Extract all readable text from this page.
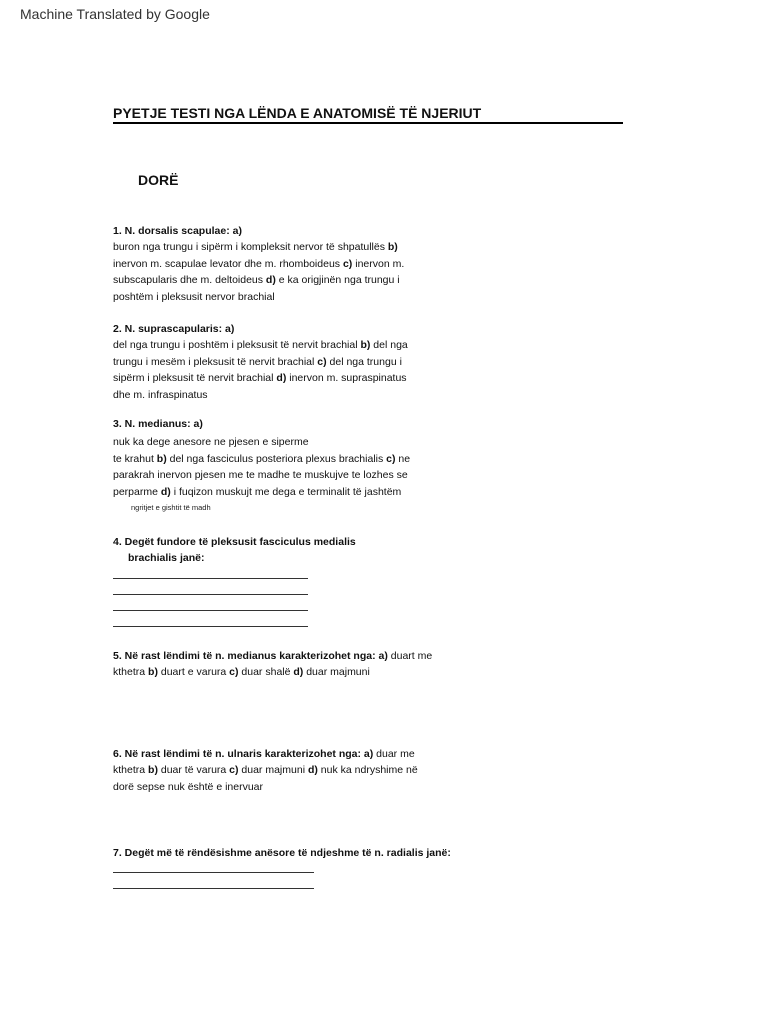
Machine Translated by Google
PYETJE TESTI NGA LËNDA E ANATOMISË TË NJERIUT
DORË
1. N. dorsalis scapulae: a)
buron nga trungu i sipërm i kompleksit nervor të shpatullës b)
inervon m. scapulae levator dhe m. rhomboideus c) inervon m.
subscapularis dhe m. deltoideus d) e ka origjinën nga trungu i
poshtëm i pleksusit nervor brachial
2. N. suprascapularis: a)
del nga trungu i poshtëm i pleksusit të nervit brachial b) del nga
trungu i mesëm i pleksusit të nervit brachial c) del nga trungu i
sipërm i pleksusit të nervit brachial d) inervon m. supraspinatus
dhe m. infraspinatus
3. N. medianus: a)
nuk ka dege anesore ne pjesen e siperme
te krahut b) del nga fasciculus posteriora plexus brachialis c) ne
parakrah inervon pjesen me te madhe te muskujve te lozhes se
perparme d) i fuqizon muskujt me dega e terminalit të jashtëm
ngritjet e gishtit të madh
4. Degët fundore të pleksusit fasciculus medialis
brachialis janë:
5. Në rast lëndimi të n. medianus karakterizohet nga: a) duart me
kthetra b) duart e varura c) duar shalë d) duar majmuni
6. Në rast lëndimi të n. ulnaris karakterizohet nga: a) duar me
kthetra b) duar të varura c) duar majmuni d) nuk ka ndryshime në
dorë sepse nuk është e inervuar
7. Degët më të rëndësishme anësore të ndjeshme të n. radialis janë:
